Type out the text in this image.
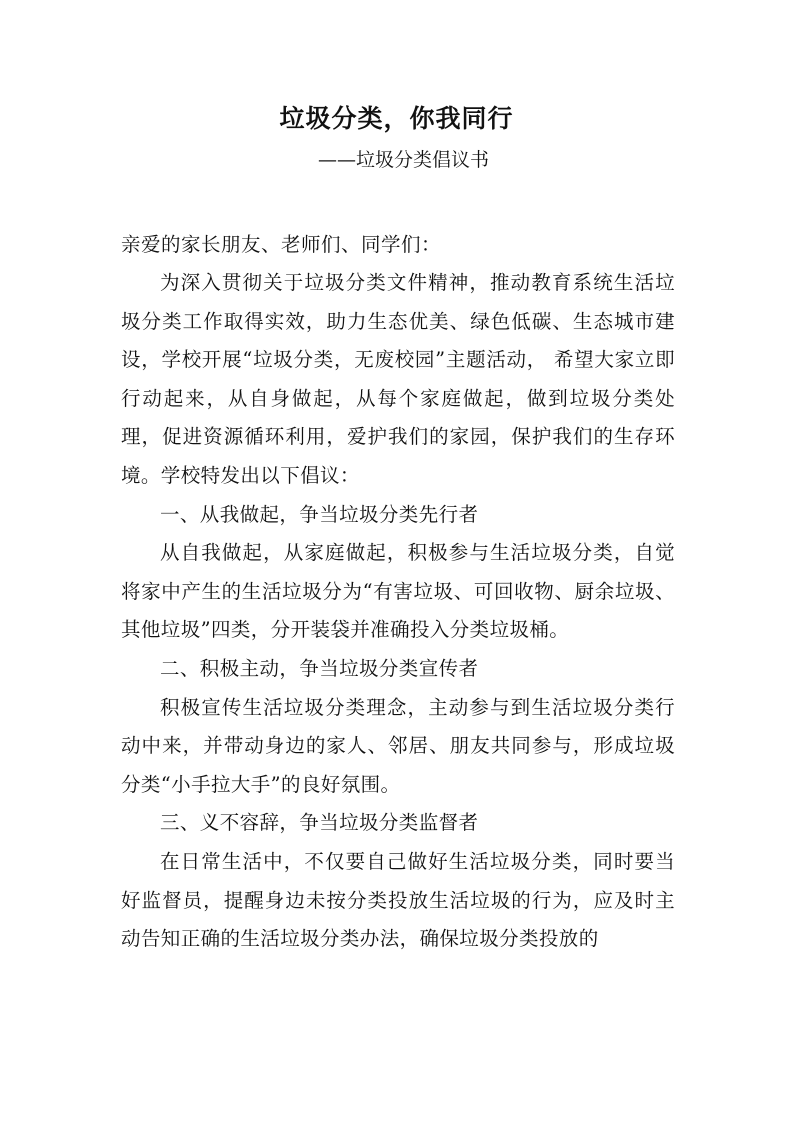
垃圾分类，你我同行
——垃圾分类倡议书
亲爱的家长朋友、老师们、同学们：

为深入贯彻关于垃圾分类文件精神，推动教育系统生活垃圾分类工作取得实效，助力生态优美、绿色低碳、生态城市建设，学校开展“垃圾分类，无废校园”主题活动， 希望大家立即行动起来，从自身做起，从每个家庭做起，做到垃圾分类处理，促进资源循环利用，爱护我们的家园，保护我们的生存环境。学校特发出以下倡议：

一、从我做起，争当垃圾分类先行者

从自我做起，从家庭做起，积极参与生活垃圾分类，自觉将家中产生的生活垃圾分为“有害垃圾、可回收物、厨余垃圾、其他垃圾”四类，分开装袋并准确投入分类垃圾桶。

二、积极主动，争当垃圾分类宣传者

积极宣传生活垃圾分类理念，主动参与到生活垃圾分类行动中来，并带动身边的家人、邻居、朋友共同参与，形成垃圾分类“小手拉大手”的良好氛围。

三、义不容辞，争当垃圾分类监督者

在日常生活中，不仅要自己做好生活垃圾分类，同时要当好监督员，提醒身边未按分类投放生活垃圾的行为，应及时主动告知正确的生活垃圾分类办法，确保垃圾分类投放的
